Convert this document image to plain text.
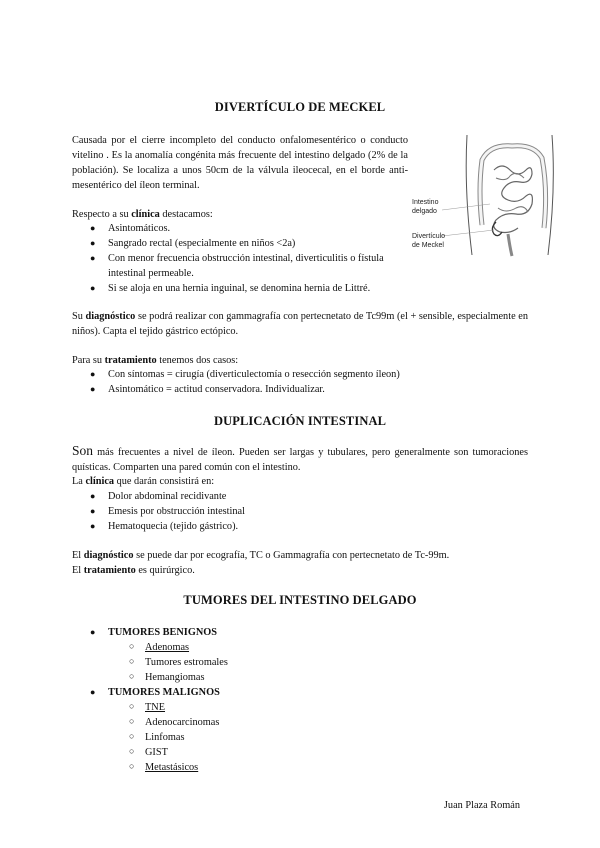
DIVERTÍCULO DE MECKEL
Causada por el cierre incompleto del conducto onfalomesentérico o conducto vitelino . Es la anomalía congénita más frecuente del intestino delgado (2% de la población). Se localiza a unos 50cm de la válvula ileocecal, en el borde anti-mesentérico del íleon terminal.
Intestino delgado
Divertículo de Meckel
Respecto a su clínica destacamos:
● Asintomáticos.
● Sangrado rectal (especialmente en niños <2a)
● Con menor frecuencia obstrucción intestinal, diverticulitis o fístula intestinal permeable.
● Si se aloja en una hernia inguinal, se denomina hernia de Littré.
Su diagnóstico se podrá realizar con gammagrafía con pertecnetato de Tc99m (el + sensible, especialmente en niños). Capta el tejido gástrico ectópico.
Para su tratamiento tenemos dos casos:
● Con síntomas = cirugía (diverticulectomía o resección segmento íleon)
● Asintomático = actitud conservadora. Individualizar.
DUPLICACIÓN INTESTINAL
Son más frecuentes a nivel de íleon. Pueden ser largas y tubulares, pero generalmente son tumoraciones quísticas. Comparten una pared común con el intestino.
La clínica que darán consistirá en:
● Dolor abdominal recidivante
● Emesis por obstrucción intestinal
● Hematoquecia (tejido gástrico).
El diagnóstico se puede dar por ecografía, TC o Gammagrafía con pertecnetato de Tc-99m.
El tratamiento es quirúrgico.
TUMORES DEL INTESTINO DELGADO
● TUMORES BENIGNOS
○ Adenomas
○ Tumores estromales
○ Hemangiomas
● TUMORES MALIGNOS
○ TNE
○ Adenocarcinomas
○ Linfomas
○ GIST
○ Metastásicos
Juan Plaza Román
